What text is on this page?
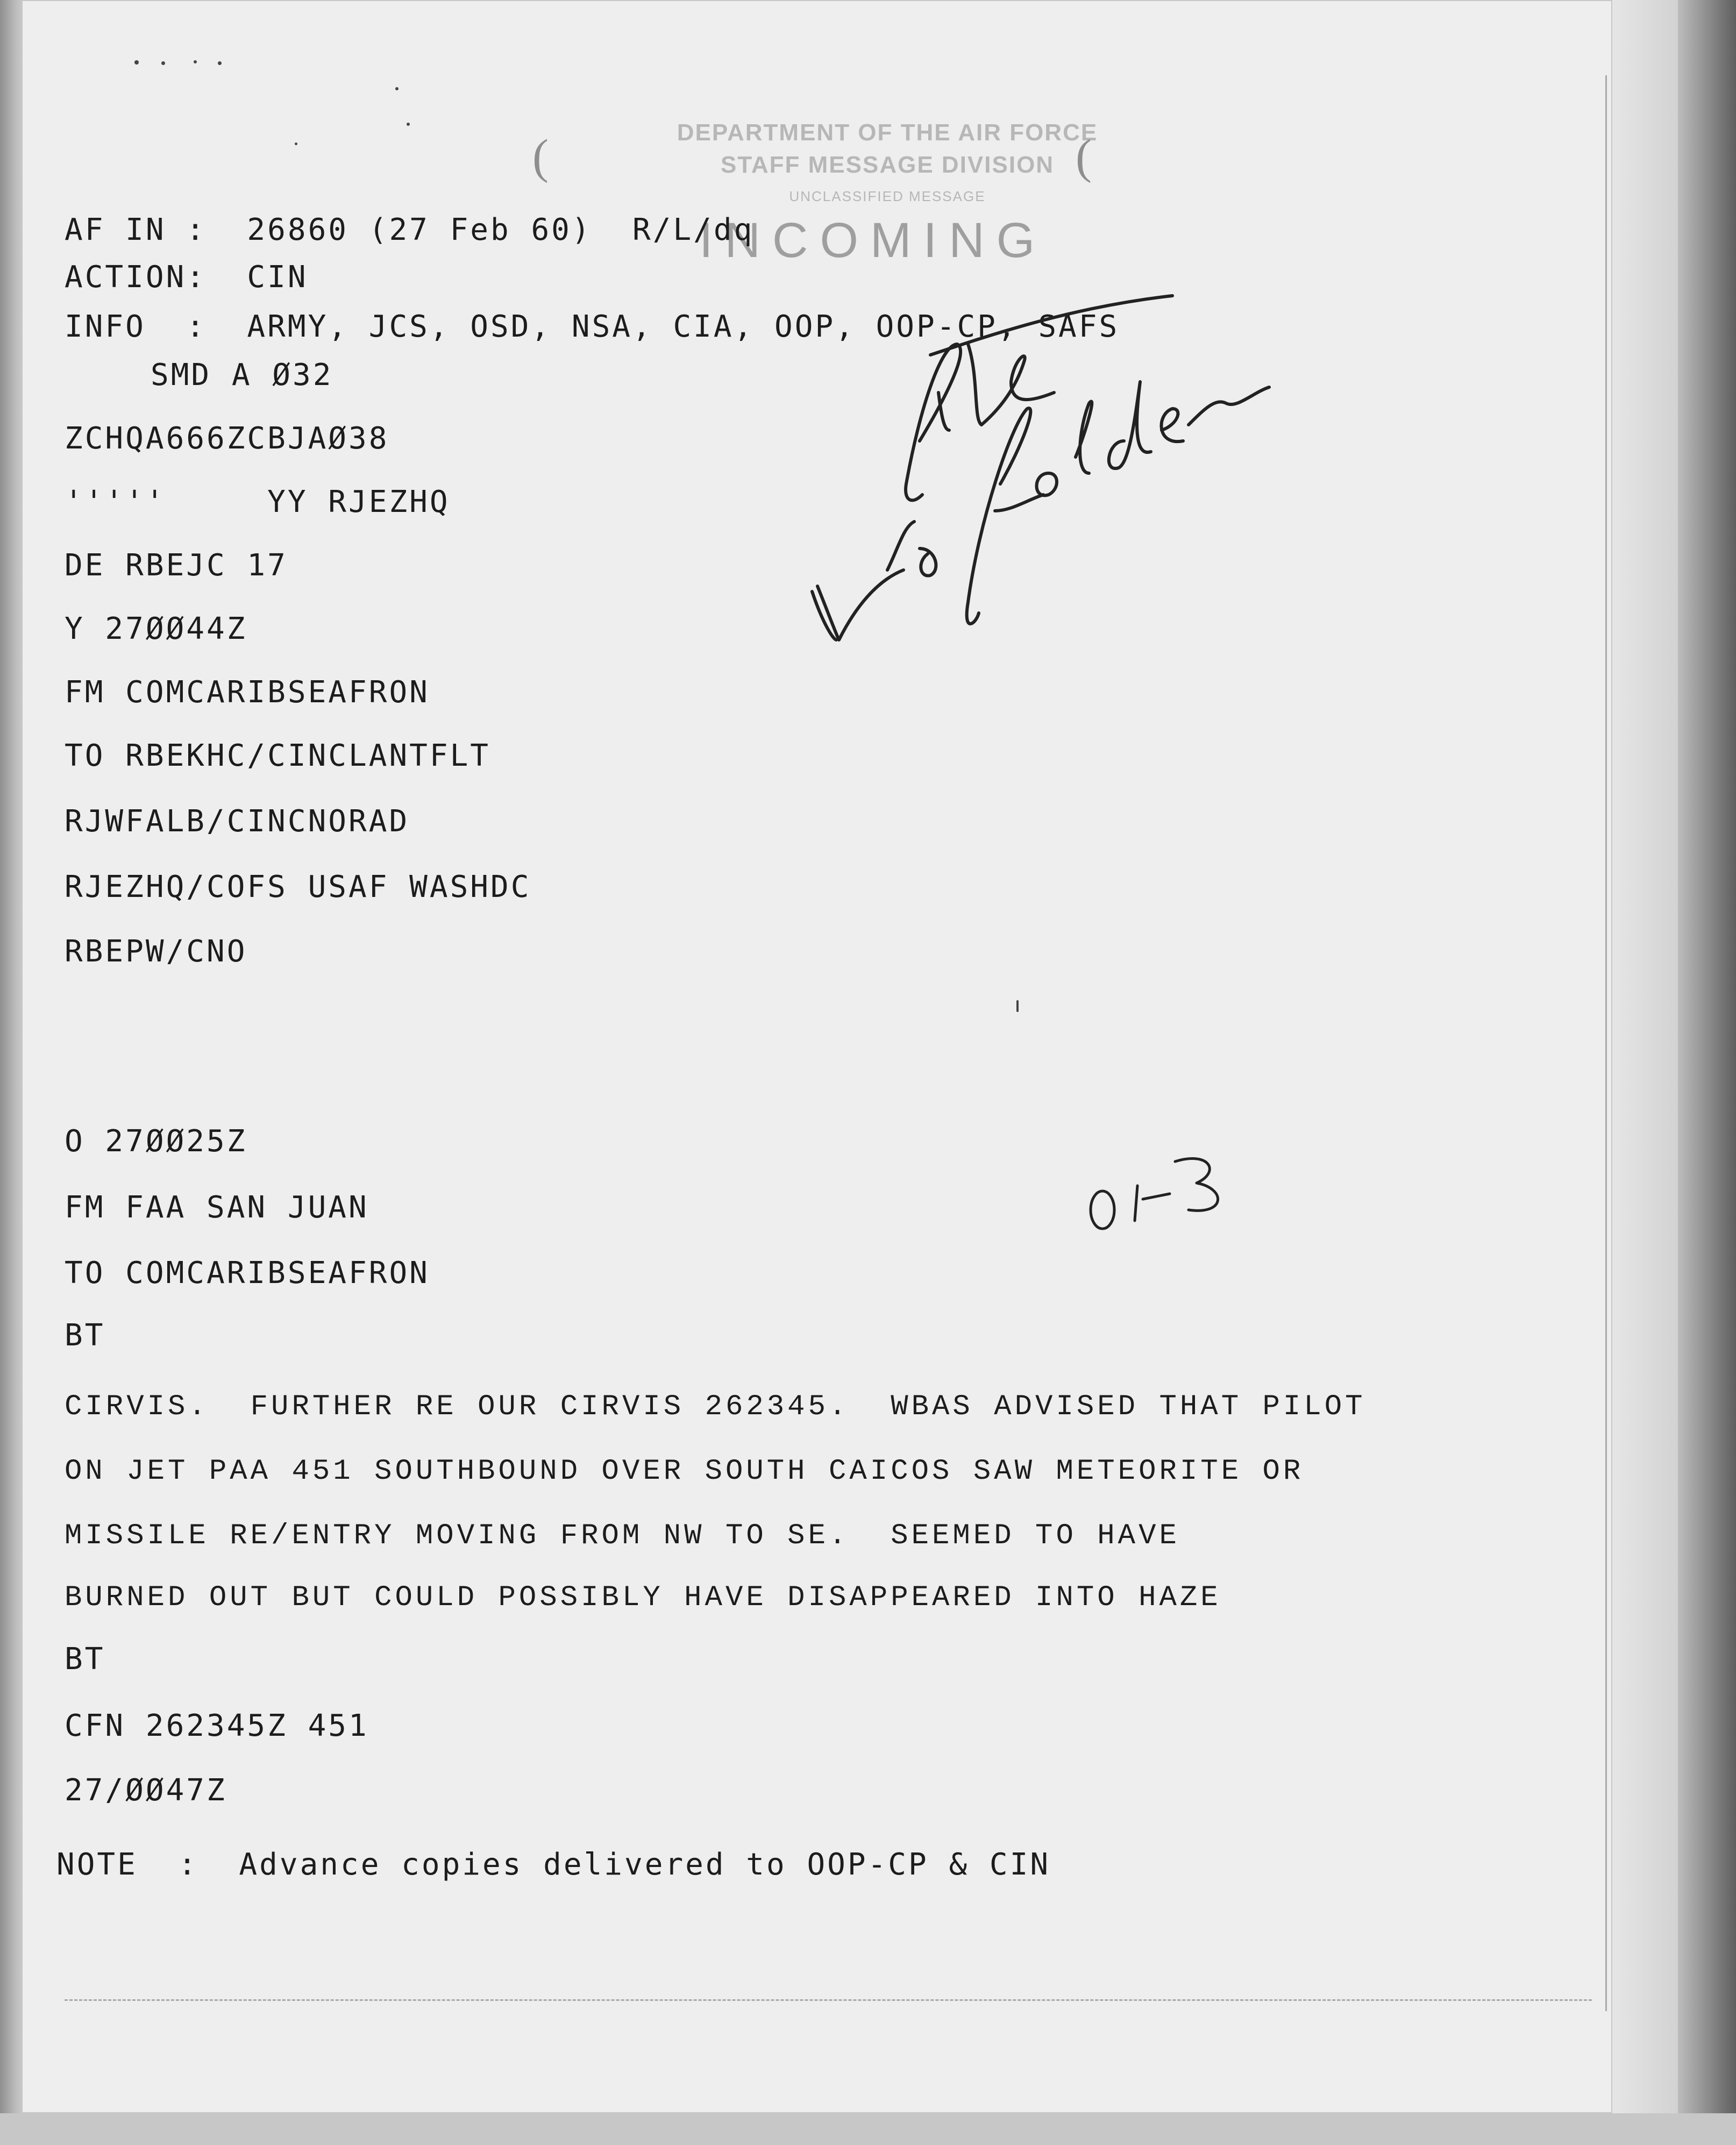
DEPARTMENT OF THE AIR FORCE
STAFF MESSAGE DIVISION
UNCLASSIFIED MESSAGE
(	(
INCOMING
AF IN :  26860 (27 Feb 60)  R/L/dq
ACTION:  CIN
INFO  :  ARMY, JCS, OSD, NSA, CIA, OOP, OOP-CP, SAFS
SMD A Ø32
ZCHQA666ZCBJAØ38
'''''     YY RJEZHQ
DE RBEJC 17
Y 27ØØ44Z
FM COMCARIBSEAFRON
TO RBEKHC/CINCLANTFLT
RJWFALB/CINCNORAD
RJEZHQ/COFS USAF WASHDC
RBEPW/CNO
O 27ØØ25Z
FM FAA SAN JUAN
TO COMCARIBSEAFRON
BT
CIRVIS.  FURTHER RE OUR CIRVIS 262345.  WBAS ADVISED THAT PILOT
ON JET PAA 451 SOUTHBOUND OVER SOUTH CAICOS SAW METEORITE OR
MISSILE RE/ENTRY MOVING FROM NW TO SE.  SEEMED TO HAVE
BURNED OUT BUT COULD POSSIBLY HAVE DISAPPEARED INTO HAZE
BT
CFN 262345Z 451
27/ØØ47Z
NOTE  :  Advance copies delivered to OOP-CP & CIN
